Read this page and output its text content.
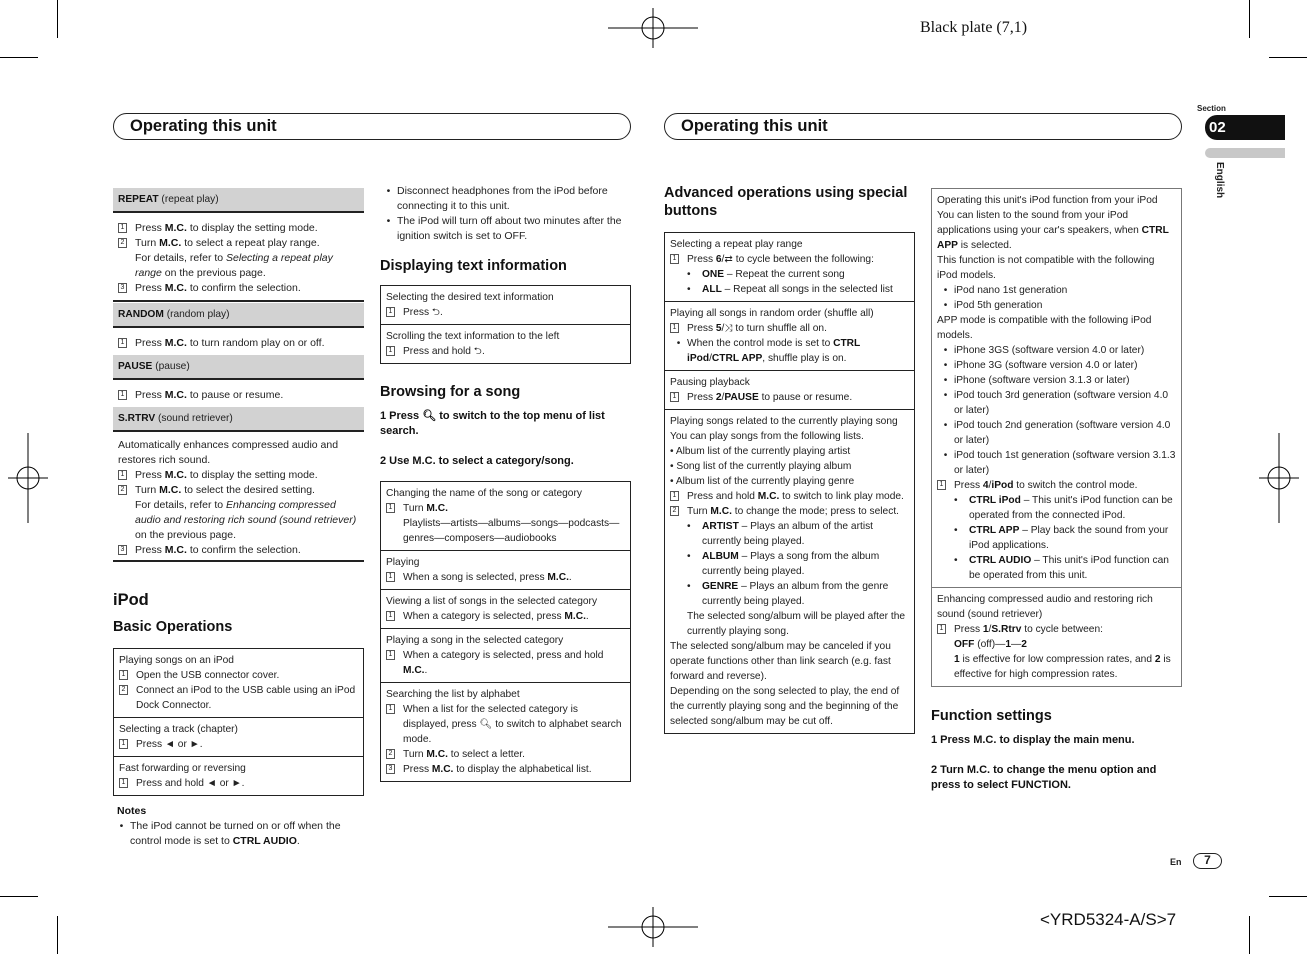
Black plate (7,1)
<YRD5324-A/S>7
Operating this unit	Operating this unit
Section
02
English
En	7
REPEAT (repeat play)
1 Press M.C. to display the setting mode.
2 Turn M.C. to select a repeat play range.
For details, refer to Selecting a repeat play range on the previous page.
3 Press M.C. to confirm the selection.
RANDOM (random play)
1 Press M.C. to turn random play on or off.
PAUSE (pause)
1 Press M.C. to pause or resume.
S.RTRV (sound retriever)
Automatically enhances compressed audio and restores rich sound.
1 Press M.C. to display the setting mode.
2 Turn M.C. to select the desired setting.
For details, refer to Enhancing compressed audio and restoring rich sound (sound retriever) on the previous page.
3 Press M.C. to confirm the selection.
iPod
Basic Operations
Playing songs on an iPod
1 Open the USB connector cover.
2 Connect an iPod to the USB cable using an iPod Dock Connector.
Selecting a track (chapter)
1 Press ◄ or ►.
Fast forwarding or reversing
1 Press and hold ◄ or ►.
Notes
• The iPod cannot be turned on or off when the control mode is set to CTRL AUDIO.
• Disconnect headphones from the iPod before connecting it to this unit.
• The iPod will turn off about two minutes after the ignition switch is set to OFF.
Displaying text information
Selecting the desired text information
1 Press ⮌.
Scrolling the text information to the left
1 Press and hold ⮌.
Browsing for a song
1 Press 🔍︎ to switch to the top menu of list search.
2 Use M.C. to select a category/song.
Changing the name of the song or category
1 Turn M.C.
Playlists—artists—albums—songs—podcasts—genres—composers—audiobooks
Playing
1 When a song is selected, press M.C..
Viewing a list of songs in the selected category
1 When a category is selected, press M.C..
Playing a song in the selected category
1 When a category is selected, press and hold M.C..
Searching the list by alphabet
1 When a list for the selected category is displayed, press 🔍︎ to switch to alphabet search mode.
2 Turn M.C. to select a letter.
3 Press M.C. to display the alphabetical list.
Advanced operations using special buttons
Selecting a repeat play range
1 Press 6/⇄ to cycle between the following:
•	ONE – Repeat the current song
•	ALL – Repeat all songs in the selected list
Playing all songs in random order (shuffle all)
1 Press 5/⤨ to turn shuffle all on.
• When the control mode is set to CTRL iPod/CTRL APP, shuffle play is on.
Pausing playback
1 Press 2/PAUSE to pause or resume.
Playing songs related to the currently playing song
You can play songs from the following lists.
• Album list of the currently playing artist
• Song list of the currently playing album
• Album list of the currently playing genre
1 Press and hold M.C. to switch to link play mode.
2 Turn M.C. to change the mode; press to select.
•	ARTIST – Plays an album of the artist currently being played.
•	ALBUM – Plays a song from the album currently being played.
•	GENRE – Plays an album from the genre currently being played.
The selected song/album will be played after the currently playing song.
The selected song/album may be canceled if you operate functions other than link search (e.g. fast forward and reverse).
Depending on the song selected to play, the end of the currently playing song and the beginning of the selected song/album may be cut off.
Operating this unit's iPod function from your iPod
You can listen to the sound from your iPod applications using your car's speakers, when CTRL APP is selected.
This function is not compatible with the following iPod models.
• iPod nano 1st generation
• iPod 5th generation
APP mode is compatible with the following iPod models.
• iPhone 3GS (software version 4.0 or later)
• iPhone 3G (software version 4.0 or later)
• iPhone (software version 3.1.3 or later)
• iPod touch 3rd generation (software version 4.0 or later)
• iPod touch 2nd generation (software version 4.0 or later)
• iPod touch 1st generation (software version 3.1.3 or later)
1 Press 4/iPod to switch the control mode.
•	CTRL iPod – This unit's iPod function can be operated from the connected iPod.
•	CTRL APP – Play back the sound from your iPod applications.
•	CTRL AUDIO – This unit's iPod function can be operated from this unit.
Enhancing compressed audio and restoring rich sound (sound retriever)
1 Press 1/S.Rtrv to cycle between:
OFF (off)—1—2
1 is effective for low compression rates, and 2 is effective for high compression rates.
Function settings
1 Press M.C. to display the main menu.
2 Turn M.C. to change the menu option and press to select FUNCTION.
